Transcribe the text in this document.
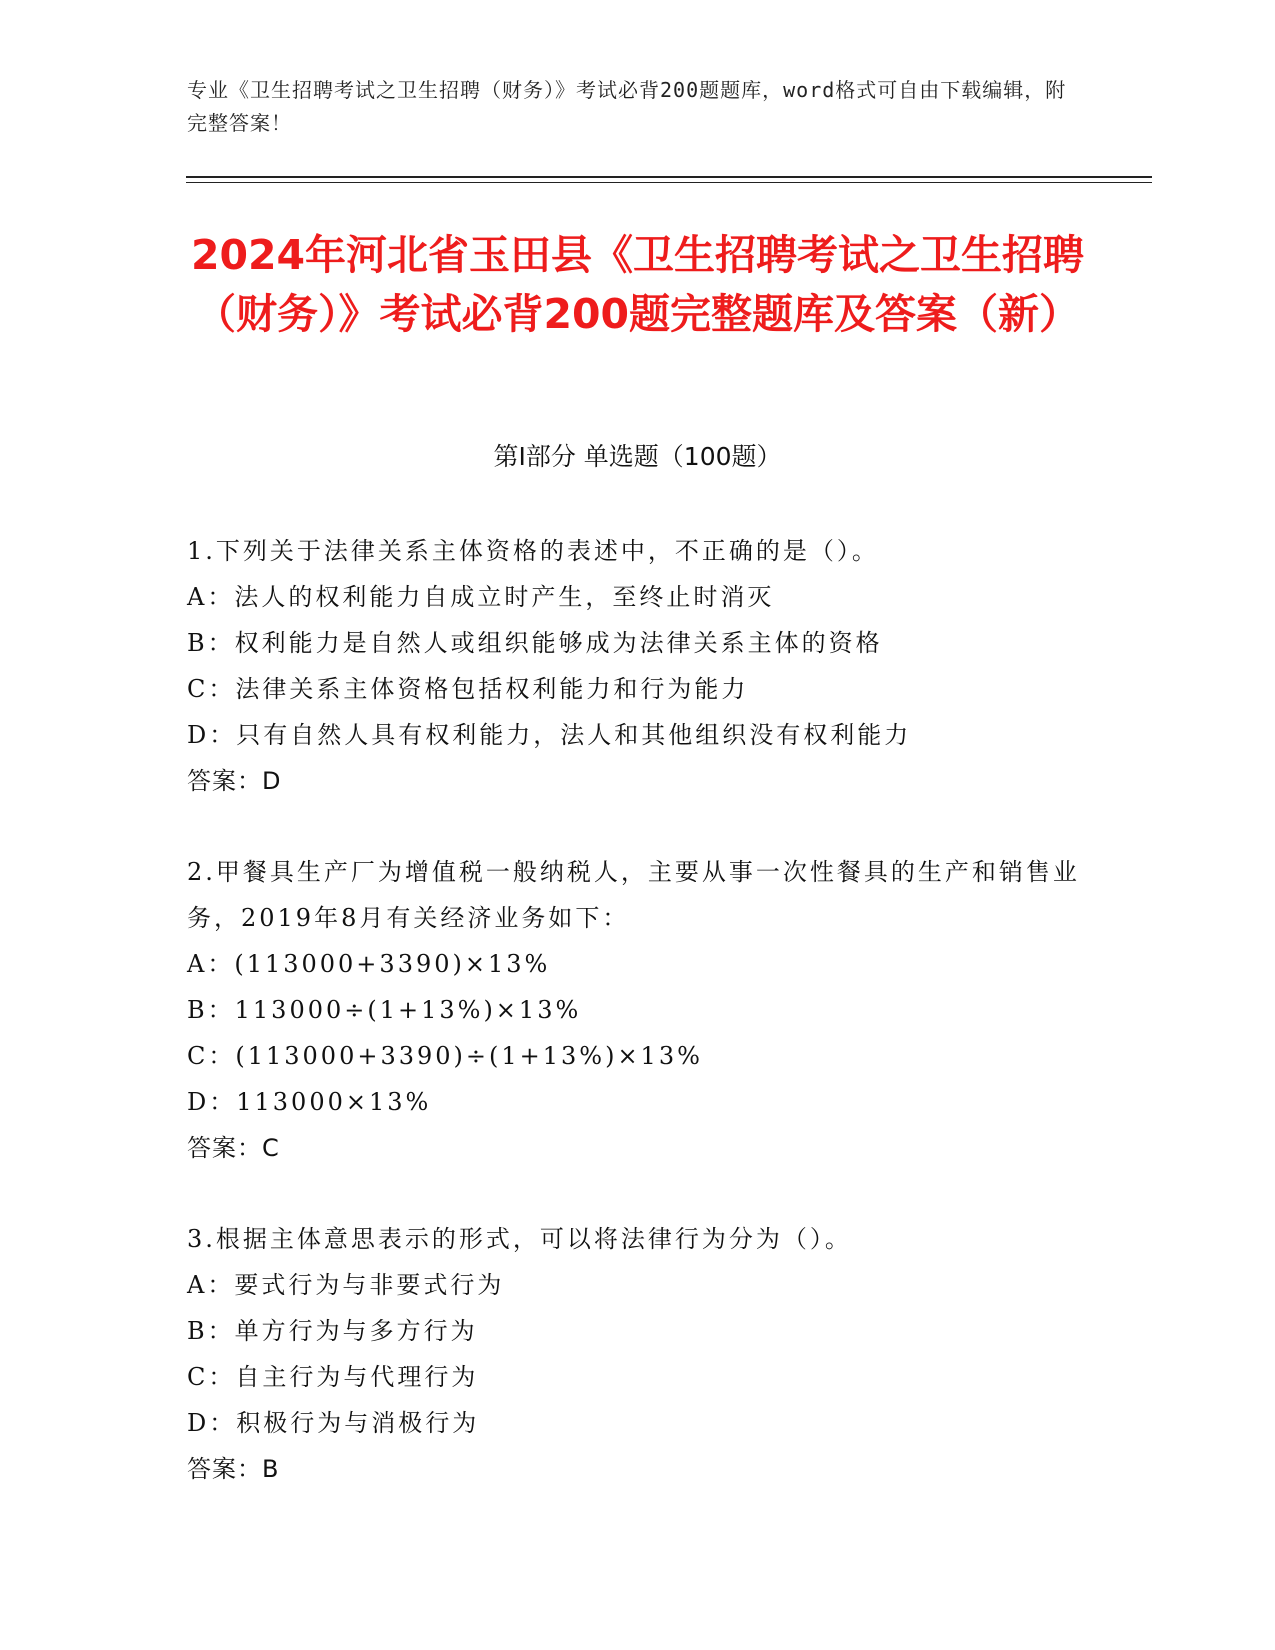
专业《卫生招聘考试之卫生招聘（财务）》考试必背200题题库，word格式可自由下载编辑，附完整答案！
2024年河北省玉田县《卫生招聘考试之卫生招聘（财务）》考试必背200题完整题库及答案（新）
第Ⅰ部分 单选题（100题）
1.下列关于法律关系主体资格的表述中，不正确的是（）。
A：法人的权利能力自成立时产生，至终止时消灭
B：权利能力是自然人或组织能够成为法律关系主体的资格
C：法律关系主体资格包括权利能力和行为能力
D：只有自然人具有权利能力，法人和其他组织没有权利能力
答案：D
2.甲餐具生产厂为增值税一般纳税人，主要从事一次性餐具的生产和销售业务，2019年8月有关经济业务如下：
A：(113000+3390)×13%
B：113000÷(1+13%)×13%
C：(113000+3390)÷(1+13%)×13%
D：113000×13%
答案：C
3.根据主体意思表示的形式，可以将法律行为分为（）。
A：要式行为与非要式行为
B：单方行为与多方行为
C：自主行为与代理行为
D：积极行为与消极行为
答案：B
